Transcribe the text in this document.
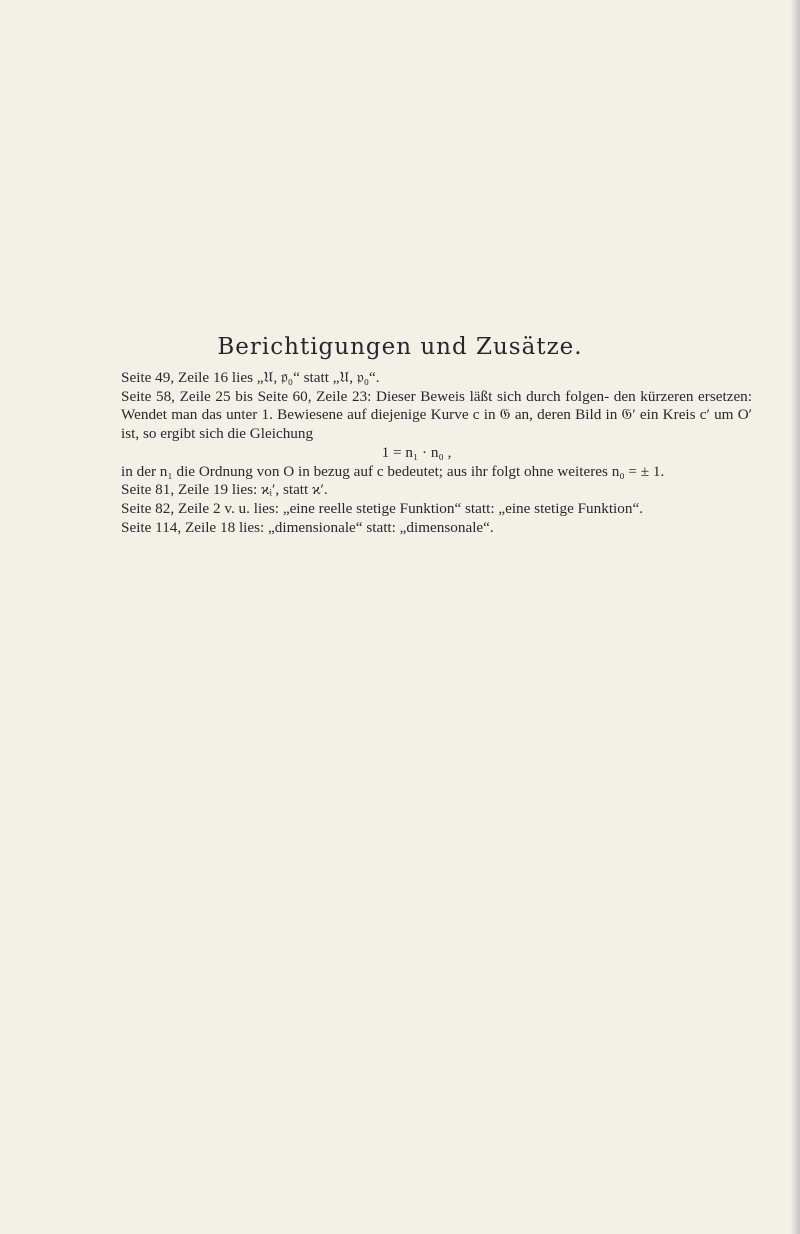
Berichtigungen und Zusätze.

Seite 49, Zeile 16 lies „𝔘, 𝔭̄₀“ statt „𝔘, 𝔭₀“.

Seite 58, Zeile 25 bis Seite 60, Zeile 23: Dieser Beweis läßt sich durch folgen- den kürzeren ersetzen: Wendet man das unter 1. Bewiesene auf diejenige Kurve c in 𝔊 an, deren Bild in 𝔊′ ein Kreis c′ um O′ ist, so ergibt sich die Gleichung

1 = n₁ · n₀ ,

in der n₁ die Ordnung von O in bezug auf c bedeutet; aus ihr folgt ohne weiteres n₀ = ± 1.

Seite 81, Zeile 19 lies: ϰᵢ′, statt ϰ′.

Seite 82, Zeile 2 v. u. lies: „eine reelle stetige Funktion“ statt: „eine stetige Funktion“.

Seite 114, Zeile 18 lies: „dimensionale“ statt: „dimensonale“.
